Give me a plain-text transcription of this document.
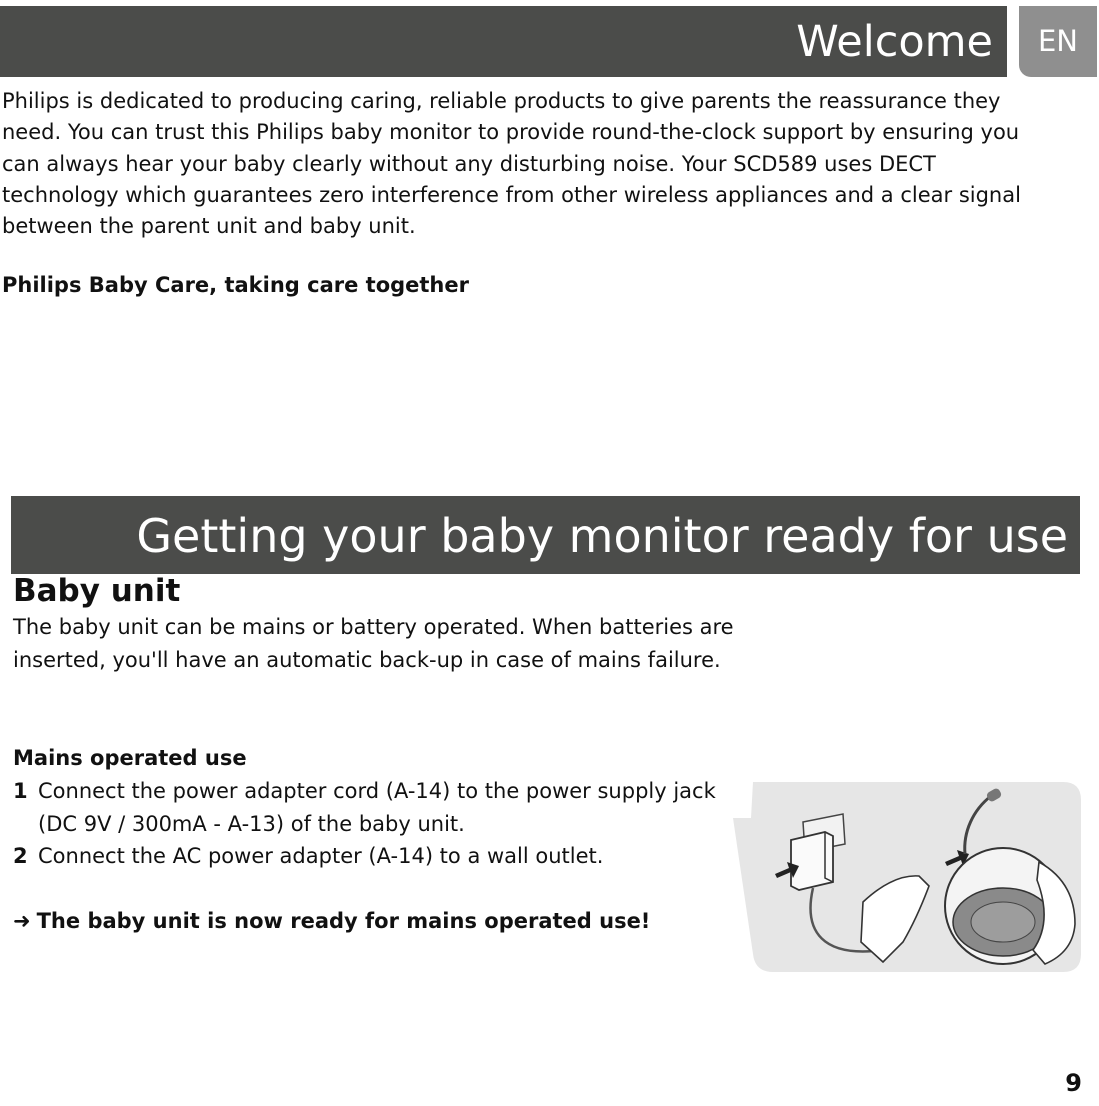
Welcome	EN

Philips is dedicated to producing caring, reliable products to give parents the reassurance they need. You can trust this Philips baby monitor to provide round-the-clock support by ensuring you can always hear your baby clearly without any disturbing noise. Your SCD589 uses DECT technology which guarantees zero interference from other wireless appliances and a clear signal between the parent unit and baby unit.

Philips Baby Care, taking care together

Getting your baby monitor ready for use
Baby unit

The baby unit can be mains or battery operated. When batteries are inserted, you'll have an automatic back-up in case of mains failure.

Mains operated use
1 Connect the power adapter cord (A-14) to the power supply jack (DC 9V / 300mA - A-13) of the baby unit.
2 Connect the AC power adapter (A-14) to a wall outlet.

➜ The baby unit is now ready for mains operated use!

9
